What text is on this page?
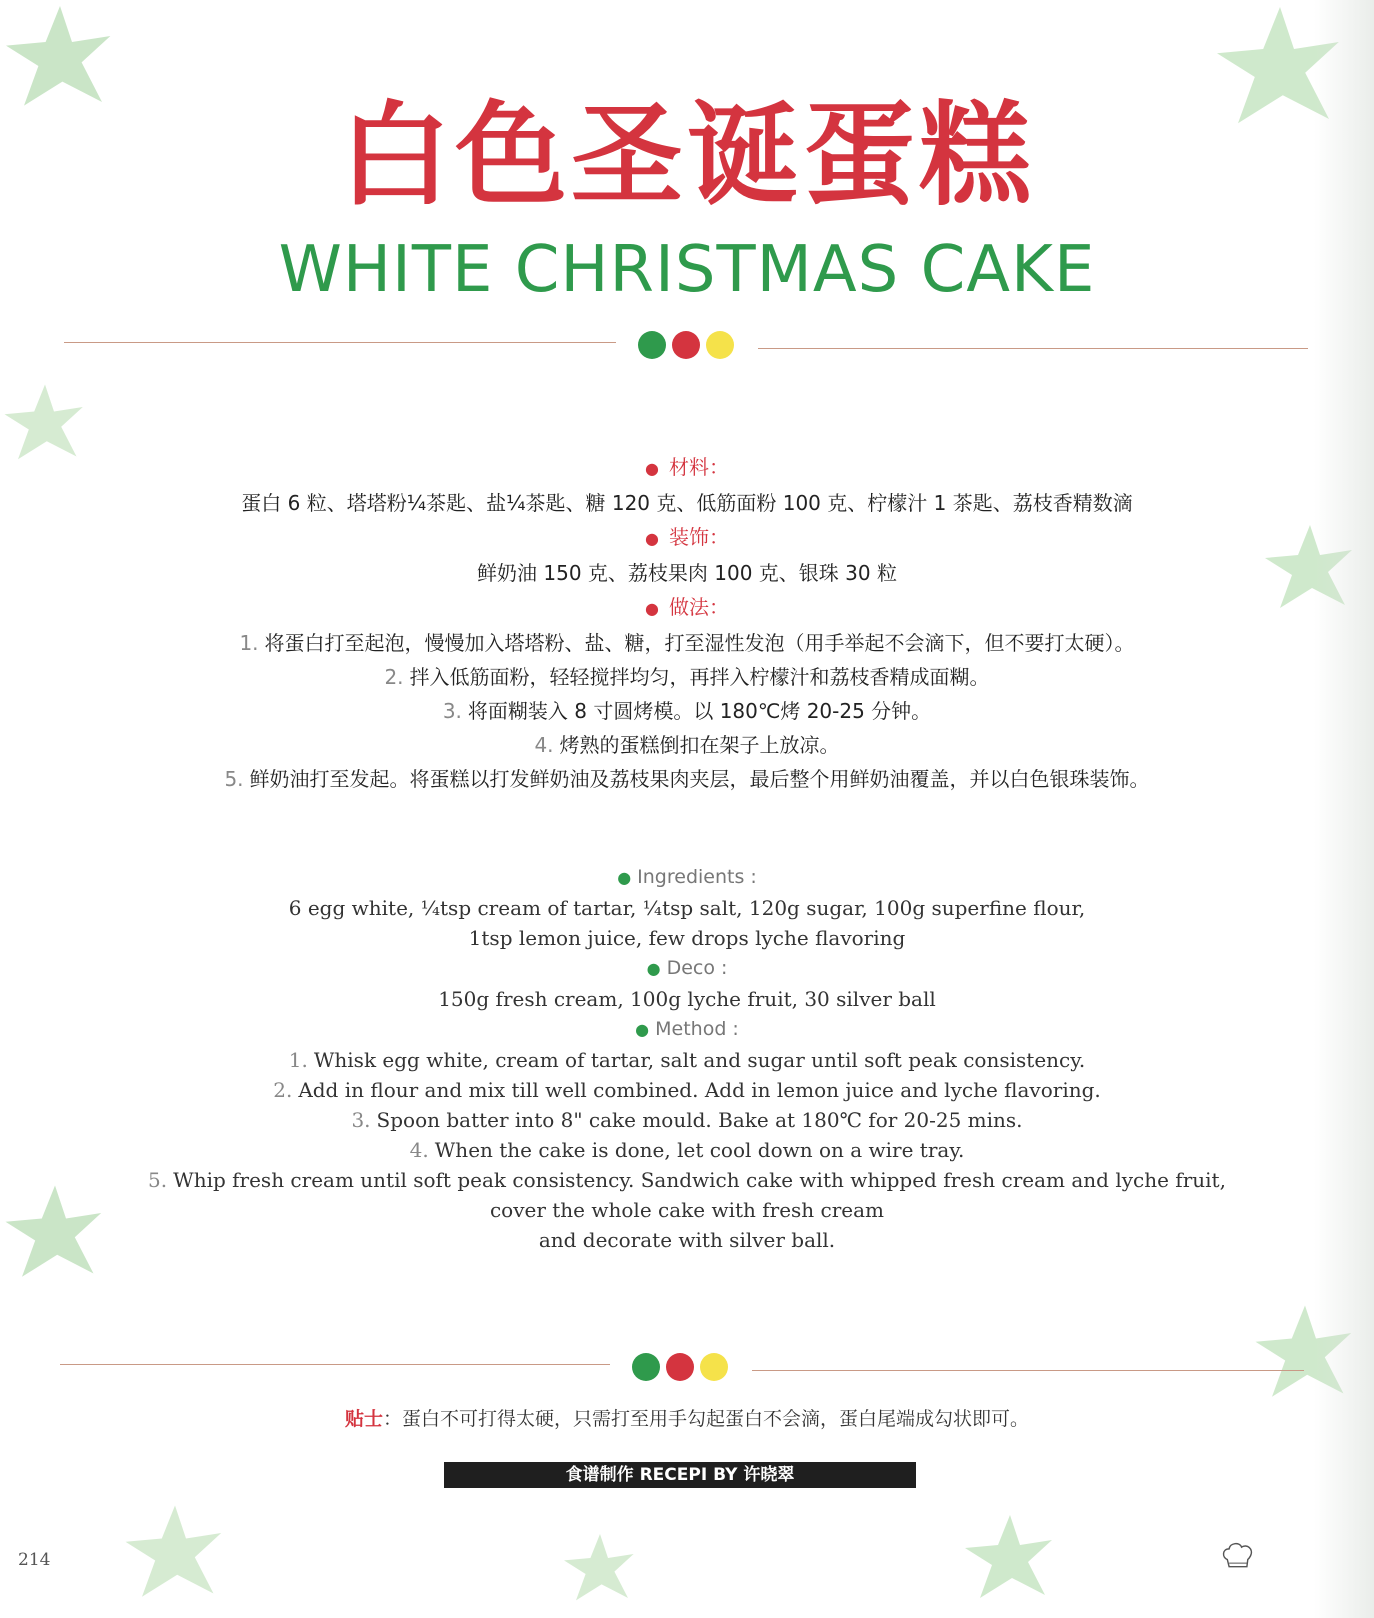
白色圣诞蛋糕
WHITE CHRISTMAS CAKE
● 材料：
蛋白 6 粒、塔塔粉¼茶匙、盐¼茶匙、糖 120 克、低筋面粉 100 克、柠檬汁 1 茶匙、荔枝香精数滴
● 装饰：
鲜奶油 150 克、荔枝果肉 100 克、银珠 30 粒
● 做法：
1. 将蛋白打至起泡，慢慢加入塔塔粉、盐、糖，打至湿性发泡（用手举起不会滴下，但不要打太硬）。
2. 拌入低筋面粉，轻轻搅拌均匀，再拌入柠檬汁和荔枝香精成面糊。
3. 将面糊装入 8 寸圆烤模。以 180℃烤 20-25 分钟。
4. 烤熟的蛋糕倒扣在架子上放凉。
5. 鲜奶油打至发起。将蛋糕以打发鲜奶油及荔枝果肉夹层，最后整个用鲜奶油覆盖，并以白色银珠装饰。
● Ingredients :
6 egg white, ¼tsp cream of tartar, ¼tsp salt, 120g sugar, 100g superfine flour,
1tsp lemon juice, few drops lyche flavoring
● Deco :
150g fresh cream, 100g lyche fruit, 30 silver ball
● Method :
1. Whisk egg white, cream of tartar, salt and sugar until soft peak consistency.
2. Add in flour and mix till well combined. Add in lemon juice and lyche flavoring.
3. Spoon batter into 8" cake mould. Bake at 180℃ for 20-25 mins.
4. When the cake is done, let cool down on a wire tray.
5. Whip fresh cream until soft peak consistency. Sandwich cake with whipped fresh cream and lyche fruit,
cover the whole cake with fresh cream
and decorate with silver ball.
贴士：蛋白不可打得太硬，只需打至用手勾起蛋白不会滴，蛋白尾端成勾状即可。
食谱制作 RECEPI BY 许晓翠
214
